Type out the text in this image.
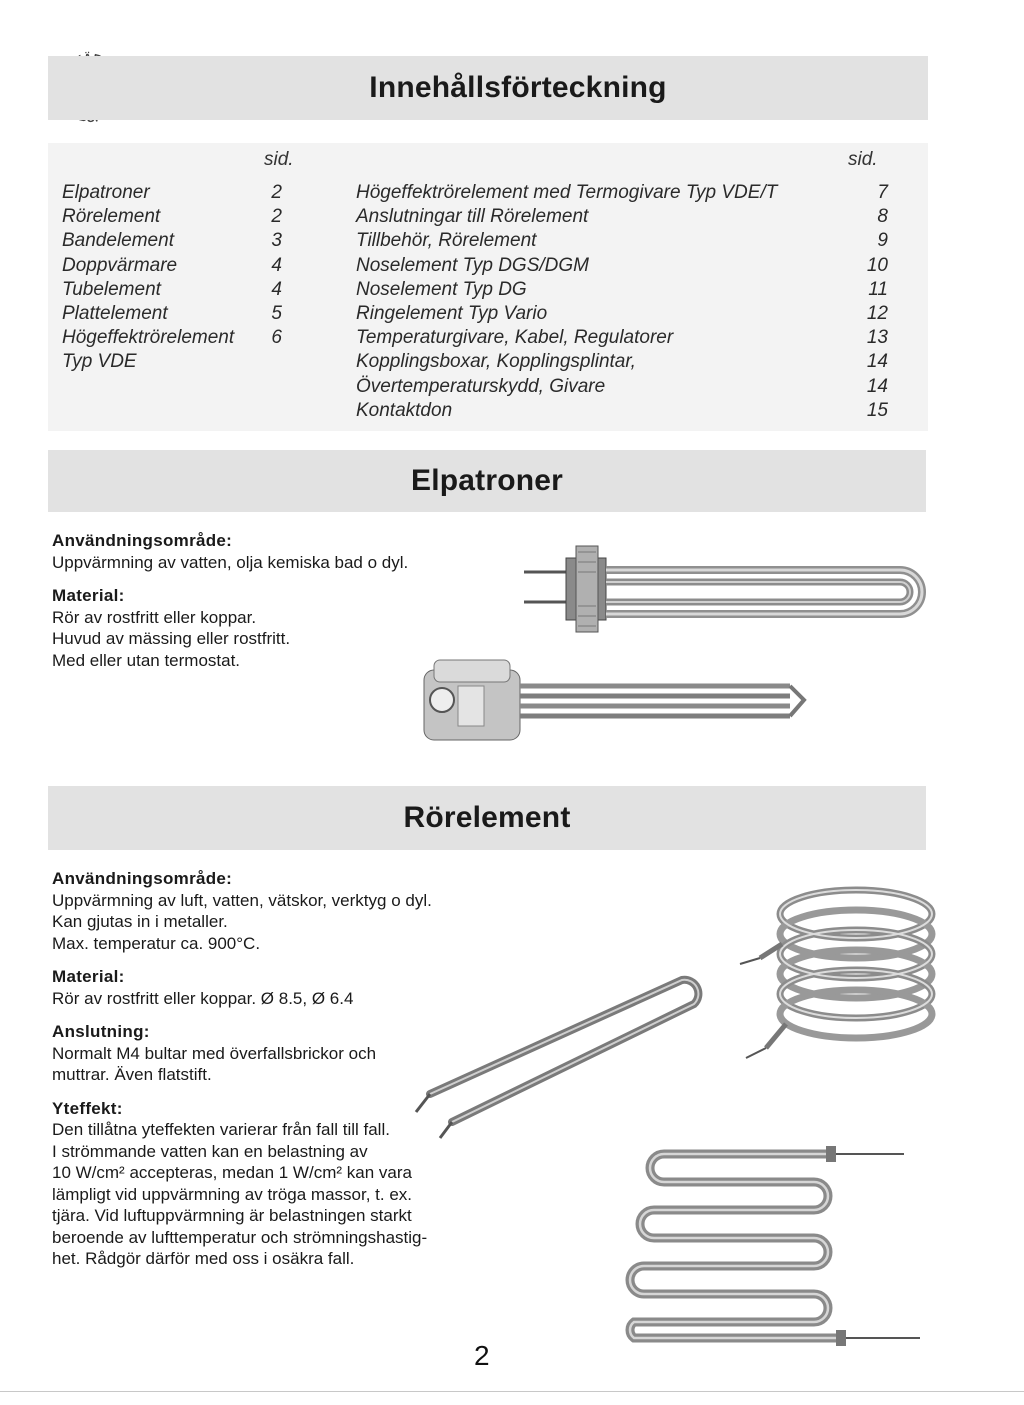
Innehållsförteckning
sid.	sid.
Elpatroner	2
Rörelement	2
Bandelement	3
Doppvärmare	4
Tubelement	4
Plattelement	5
Högeffektrörelement	6
Typ VDE
Högeffektrörelement med Termogivare Typ VDE/T	7
Anslutningar till Rörelement	8
Tillbehör, Rörelement	9
Noselement Typ DGS/DGM	10
Noselement Typ DG	11
Ringelement Typ Vario	12
Temperaturgivare, Kabel, Regulatorer	13
Kopplingsboxar, Kopplingsplintar,	14
Övertemperaturskydd, Givare	14
Kontaktdon	15
Elpatroner

Användningsområde:

Uppvärmning av vatten, olja kemiska bad o dyl.

Material:

Rör av rostfritt eller koppar.

Huvud av mässing eller rostfritt.

Med eller utan termostat.

Rörelement

Användningsområde:

Uppvärmning av luft, vatten, vätskor, verktyg o dyl.

Kan gjutas in i metaller.

Max. temperatur ca. 900°C.

Material:

Rör av rostfritt eller koppar. Ø 8.5, Ø 6.4

Anslutning:

Normalt M4 bultar med överfallsbrickor och

muttrar. Även flatstift.

Yteffekt:

Den tillåtna yteffekten varierar från fall till fall.

I strömmande vatten kan en belastning av

10 W/cm² accepteras, medan 1 W/cm² kan vara

lämpligt vid uppvärmning av tröga massor, t. ex.

tjära. Vid luftuppvärmning är belastningen starkt

beroende av lufttemperatur och strömningshastig-

het. Rådgör därför med oss i osäkra fall.

2
